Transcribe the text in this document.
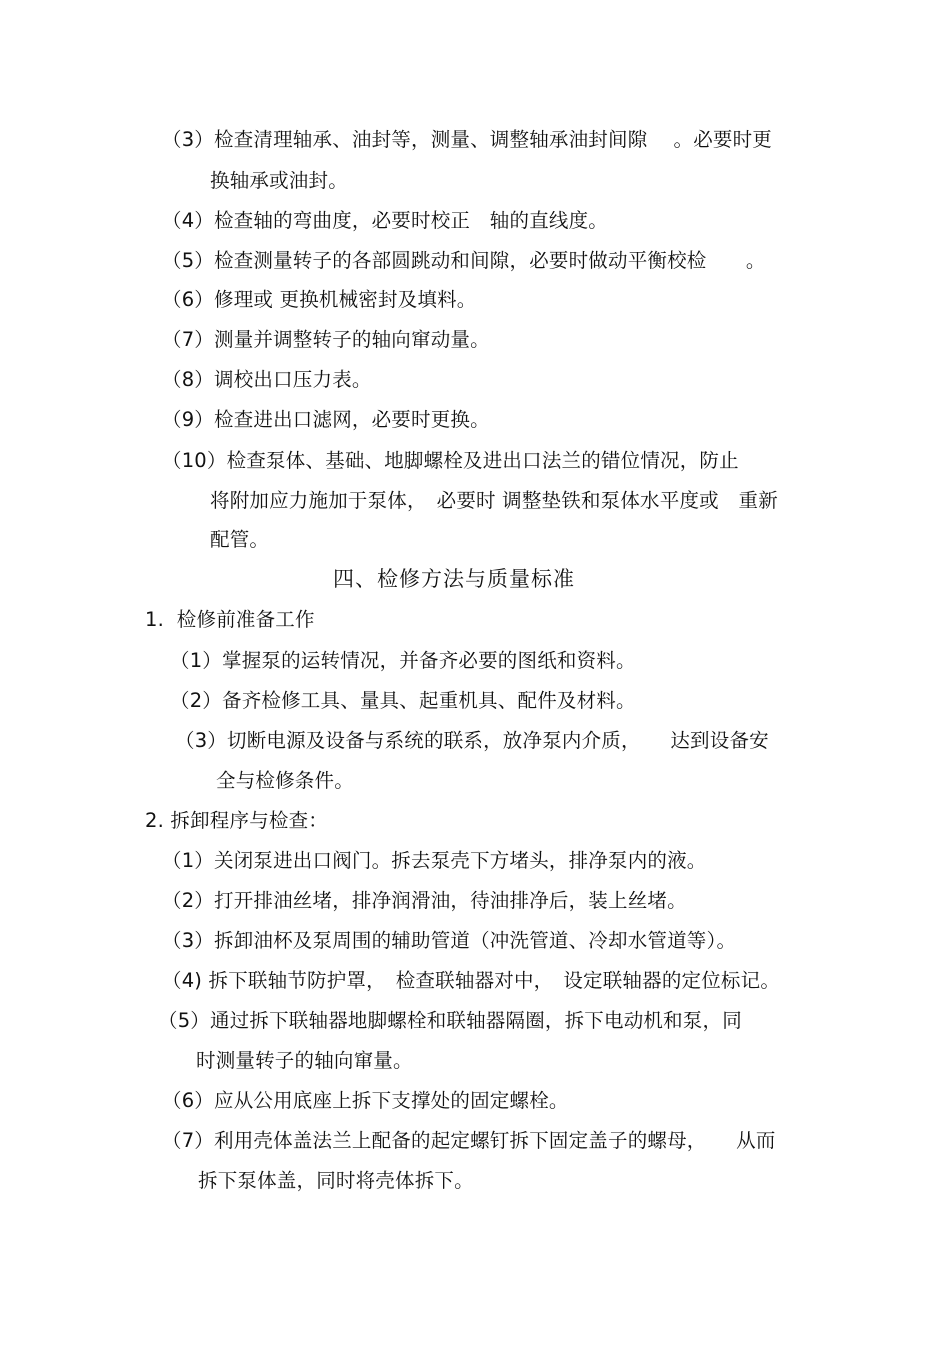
（3）检查清理轴承、油封等，测量、调整轴承油封间隙　 。必要时更
换轴承或油封。
（4）检查轴的弯曲度，必要时校正　轴的直线度。
（5）检查测量转子的各部圆跳动和间隙，必要时做动平衡校检　　。
（6）修理或 更换机械密封及填料。
（7）测量并调整转子的轴向窜动量。
（8）调校出口压力表。
（9）检查进出口滤网，必要时更换。
（10）检查泵体、基础、地脚螺栓及进出口法兰的错位情况，防止
将附加应力施加于泵体，　必要时 调整垫铁和泵体水平度或　重新
配管。
四、检修方法与质量标准
1.  检修前准备工作
（1）掌握泵的运转情况，并备齐必要的图纸和资料。
（2）备齐检修工具、量具、起重机具、配件及材料。
（3）切断电源及设备与系统的联系，放净泵内介质，　　达到设备安
全与检修条件。
2. 拆卸程序与检查：
（1）关闭泵进出口阀门。拆去泵壳下方堵头，排净泵内的液。
（2）打开排油丝堵，排净润滑油，待油排净后，装上丝堵。
（3）拆卸油杯及泵周围的辅助管道（冲洗管道、冷却水管道等）。
（4) 拆下联轴节防护罩，　检查联轴器对中，　设定联轴器的定位标记。
（5）通过拆下联轴器地脚螺栓和联轴器隔圈，拆下电动机和泵，同
时测量转子的轴向窜量。
（6）应从公用底座上拆下支撑处的固定螺栓。
（7）利用壳体盖法兰上配备的起定螺钉拆下固定盖子的螺母，　　从而
拆下泵体盖，同时将壳体拆下。
